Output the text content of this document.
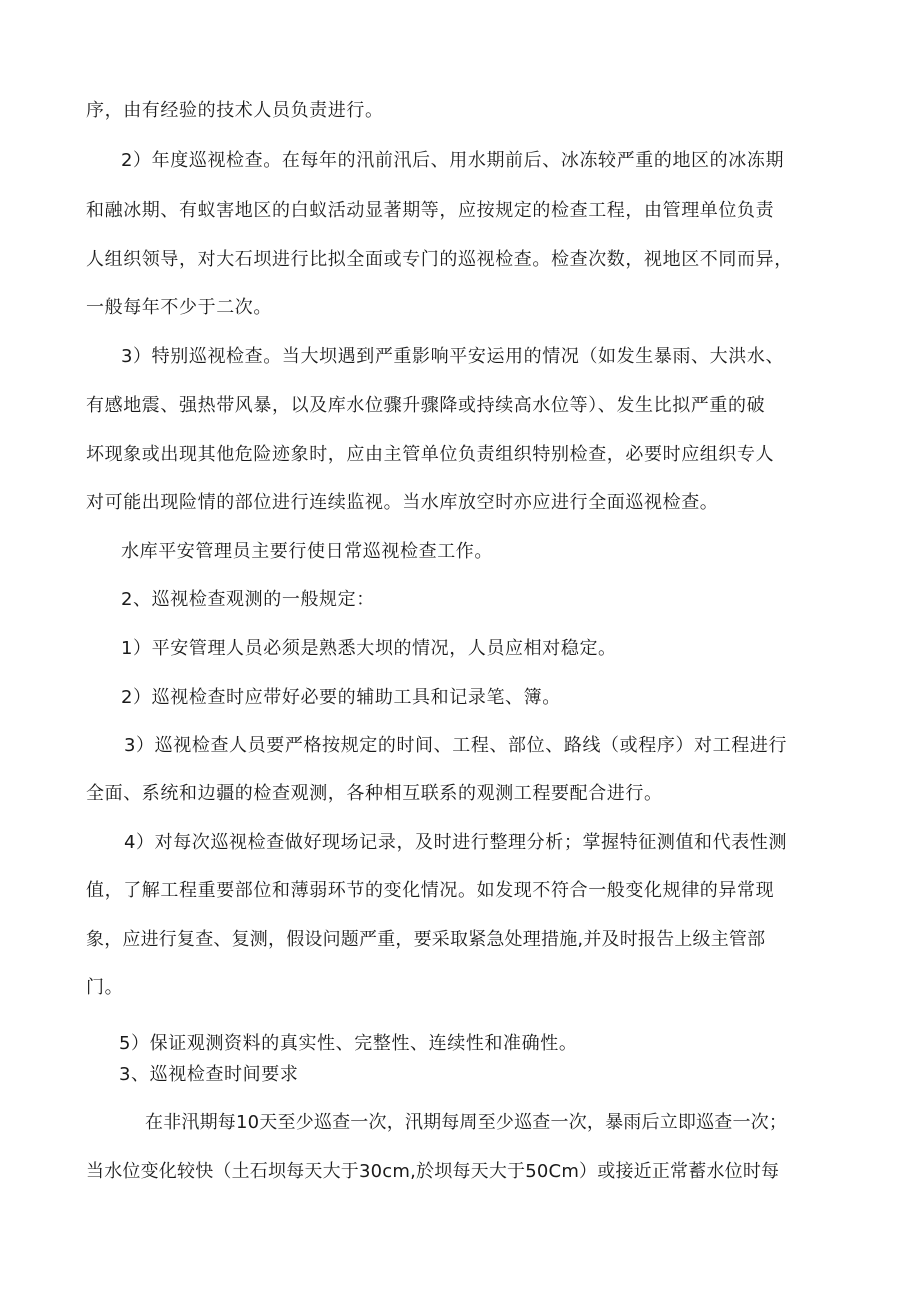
序，由有经验的技术人员负责进行。
2）年度巡视检查。在每年的汛前汛后、用水期前后、冰冻较严重的地区的冰冻期
和融冰期、有蚁害地区的白蚁活动显著期等，应按规定的检查工程，由管理单位负责
人组织领导，对大石坝进行比拟全面或专门的巡视检查。检查次数，视地区不同而异，
一般每年不少于二次。
3）特别巡视检查。当大坝遇到严重影响平安运用的情况（如发生暴雨、大洪水、
有感地震、强热带风暴，以及库水位骤升骤降或持续高水位等）、发生比拟严重的破
坏现象或出现其他危险迹象时，应由主管单位负责组织特别检查，必要时应组织专人
对可能出现险情的部位进行连续监视。当水库放空时亦应进行全面巡视检查。
水库平安管理员主要行使日常巡视检查工作。
2、巡视检查观测的一般规定：
1）平安管理人员必须是熟悉大坝的情况，人员应相对稳定。
2）巡视检查时应带好必要的辅助工具和记录笔、簿。
3）巡视检查人员要严格按规定的时间、工程、部位、路线（或程序）对工程进行
全面、系统和边疆的检查观测，各种相互联系的观测工程要配合进行。
4）对每次巡视检查做好现场记录，及时进行整理分析；掌握特征测值和代表性测
值，了解工程重要部位和薄弱环节的变化情况。如发现不符合一般变化规律的异常现
象，应进行复查、复测，假设问题严重，要采取紧急处理措施,并及时报告上级主管部
门。
5）保证观测资料的真实性、完整性、连续性和准确性。
3、巡视检查时间要求
在非汛期每10天至少巡查一次，汛期每周至少巡查一次，暴雨后立即巡查一次；
当水位变化较快（土石坝每天大于30cm,於坝每天大于50Cm）或接近正常蓄水位时每
